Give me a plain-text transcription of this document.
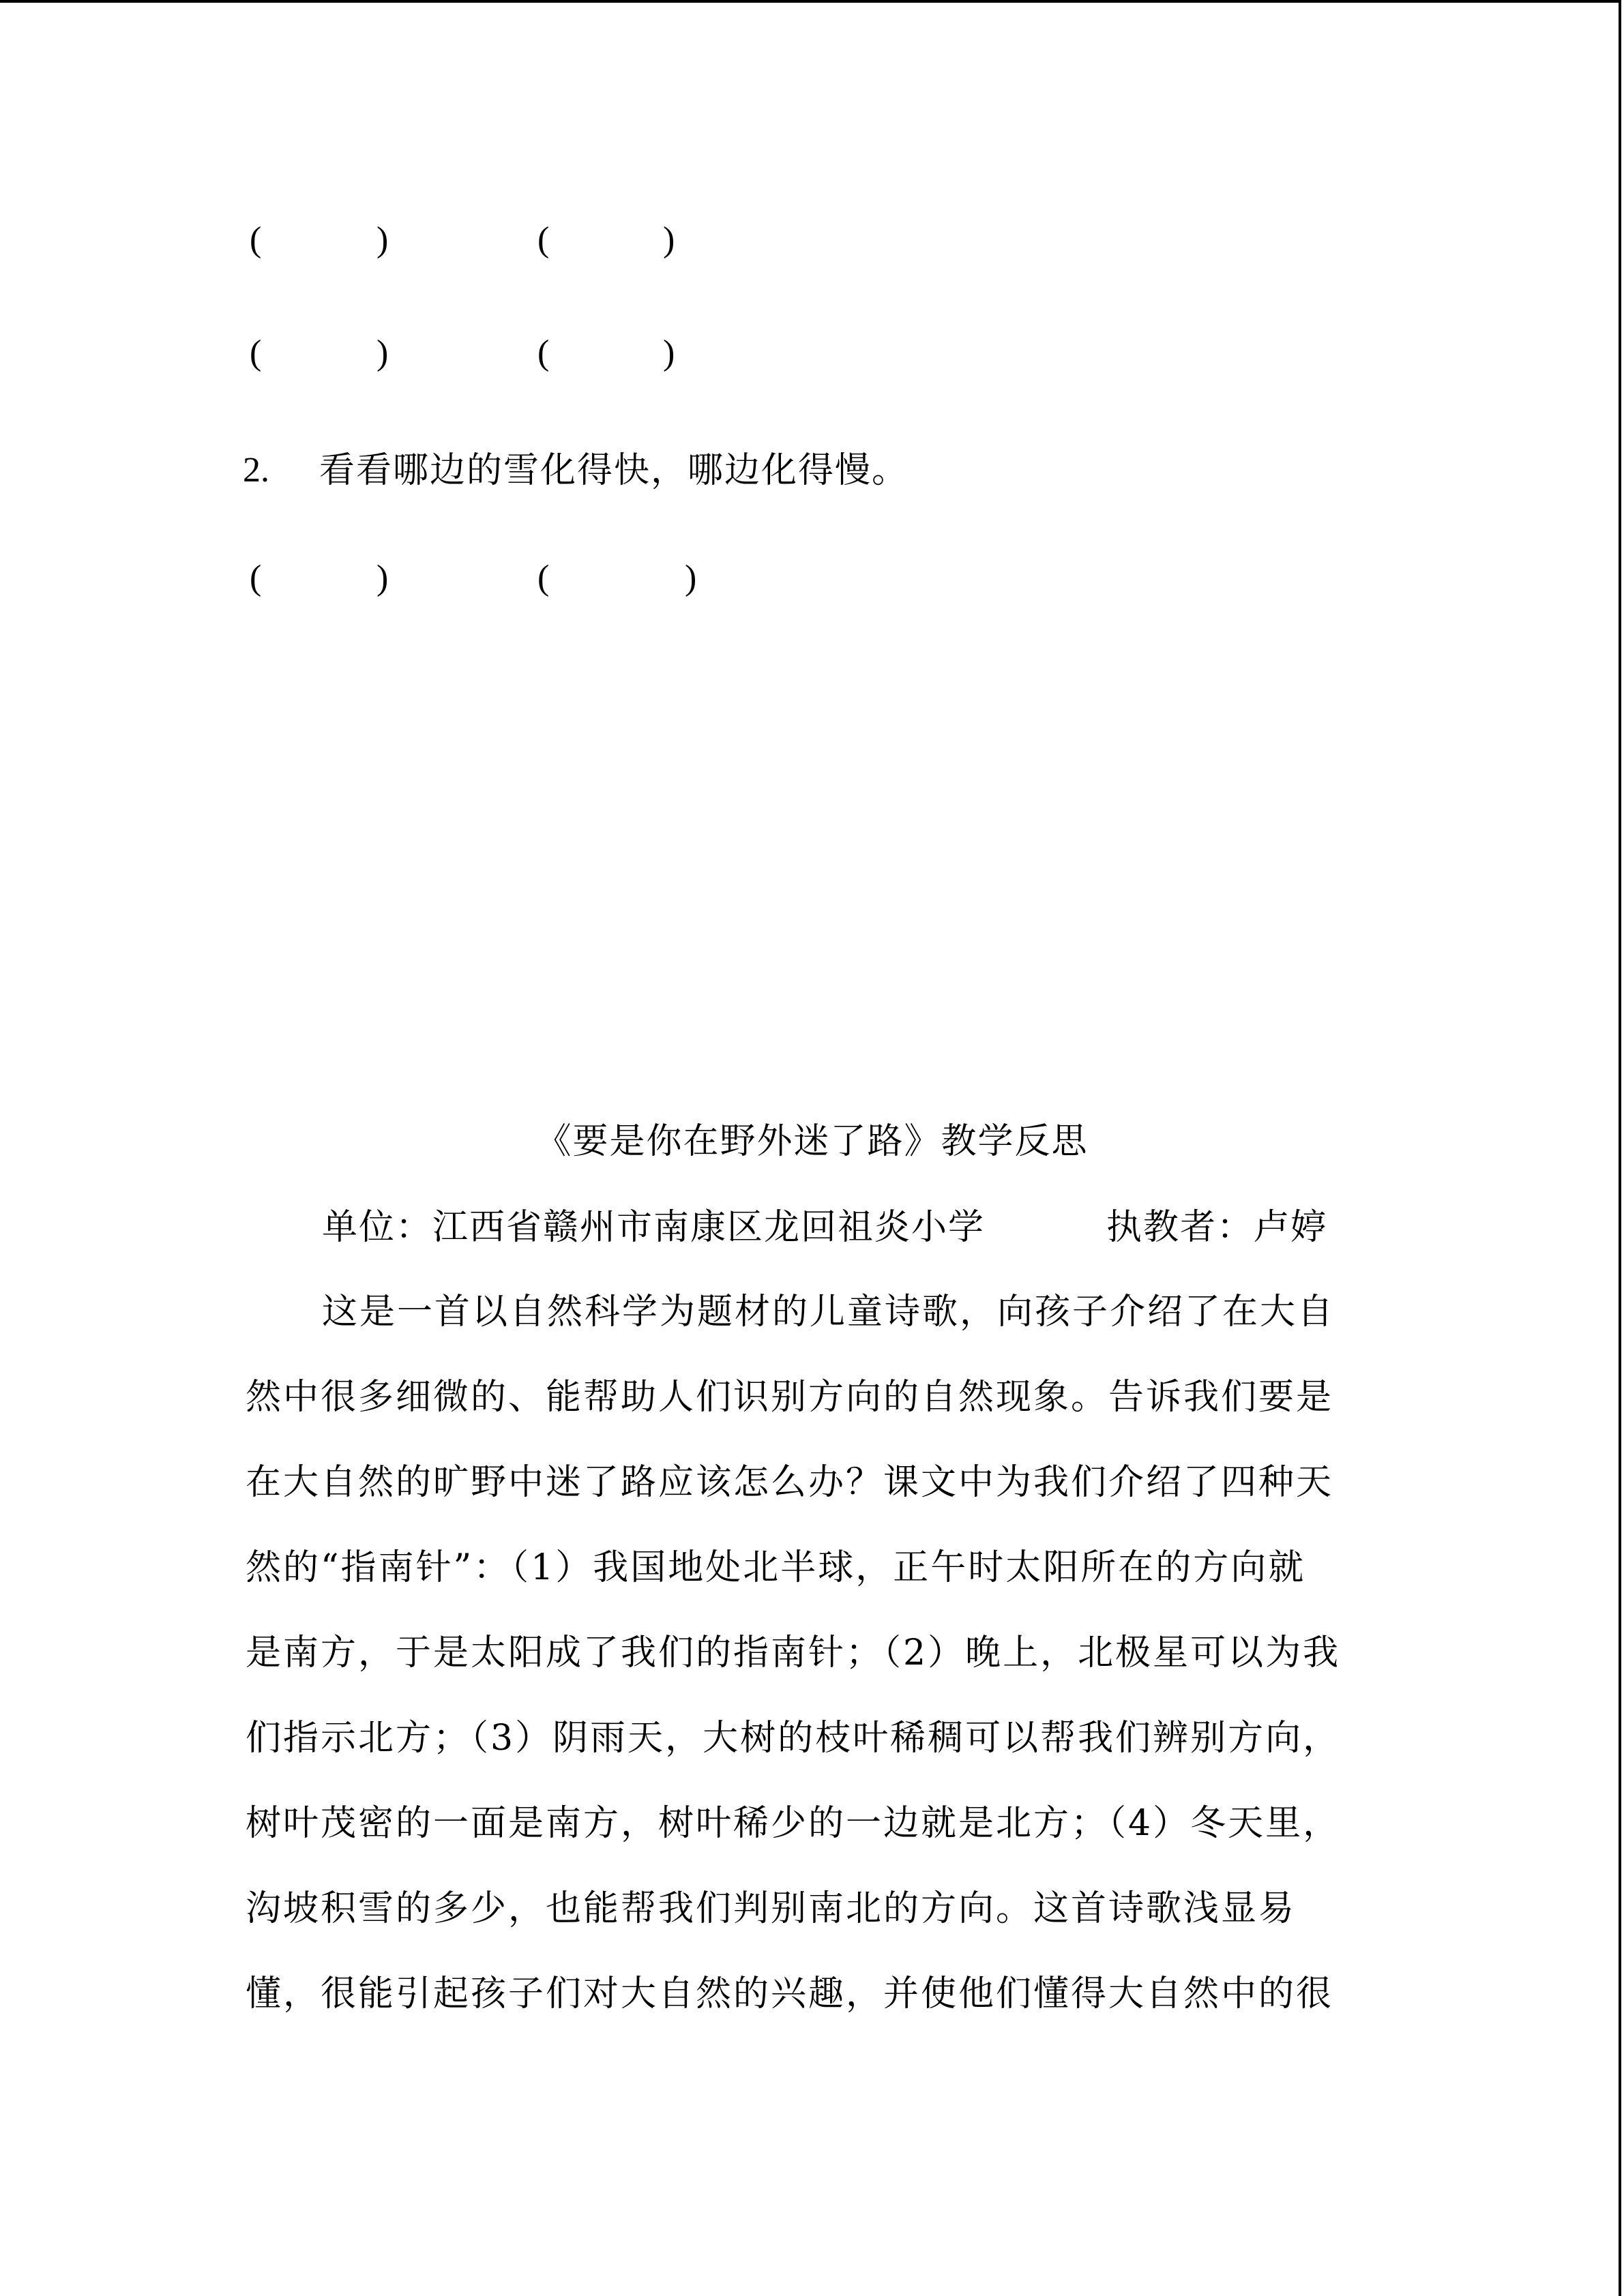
(	)	(	)
(	)	(	)
2. 看看哪边的雪化得快，哪边化得慢。
(	)	(	)
《要是你在野外迷了路》教学反思
单位：江西省赣州市南康区龙回祖炎小学	执教者：卢婷
这是一首以自然科学为题材的儿童诗歌，向孩子介绍了在大自
然中很多细微的、能帮助人们识别方向的自然现象。告诉我们要是
在大自然的旷野中迷了路应该怎么办？课文中为我们介绍了四种天
然的“指南针”：（1）我国地处北半球，正午时太阳所在的方向就
是南方，于是太阳成了我们的指南针；（2）晚上，北极星可以为我
们指示北方；（3）阴雨天，大树的枝叶稀稠可以帮我们辨别方向，
树叶茂密的一面是南方，树叶稀少的一边就是北方；（4）冬天里，
沟坡积雪的多少，也能帮我们判别南北的方向。这首诗歌浅显易
懂，很能引起孩子们对大自然的兴趣，并使他们懂得大自然中的很
